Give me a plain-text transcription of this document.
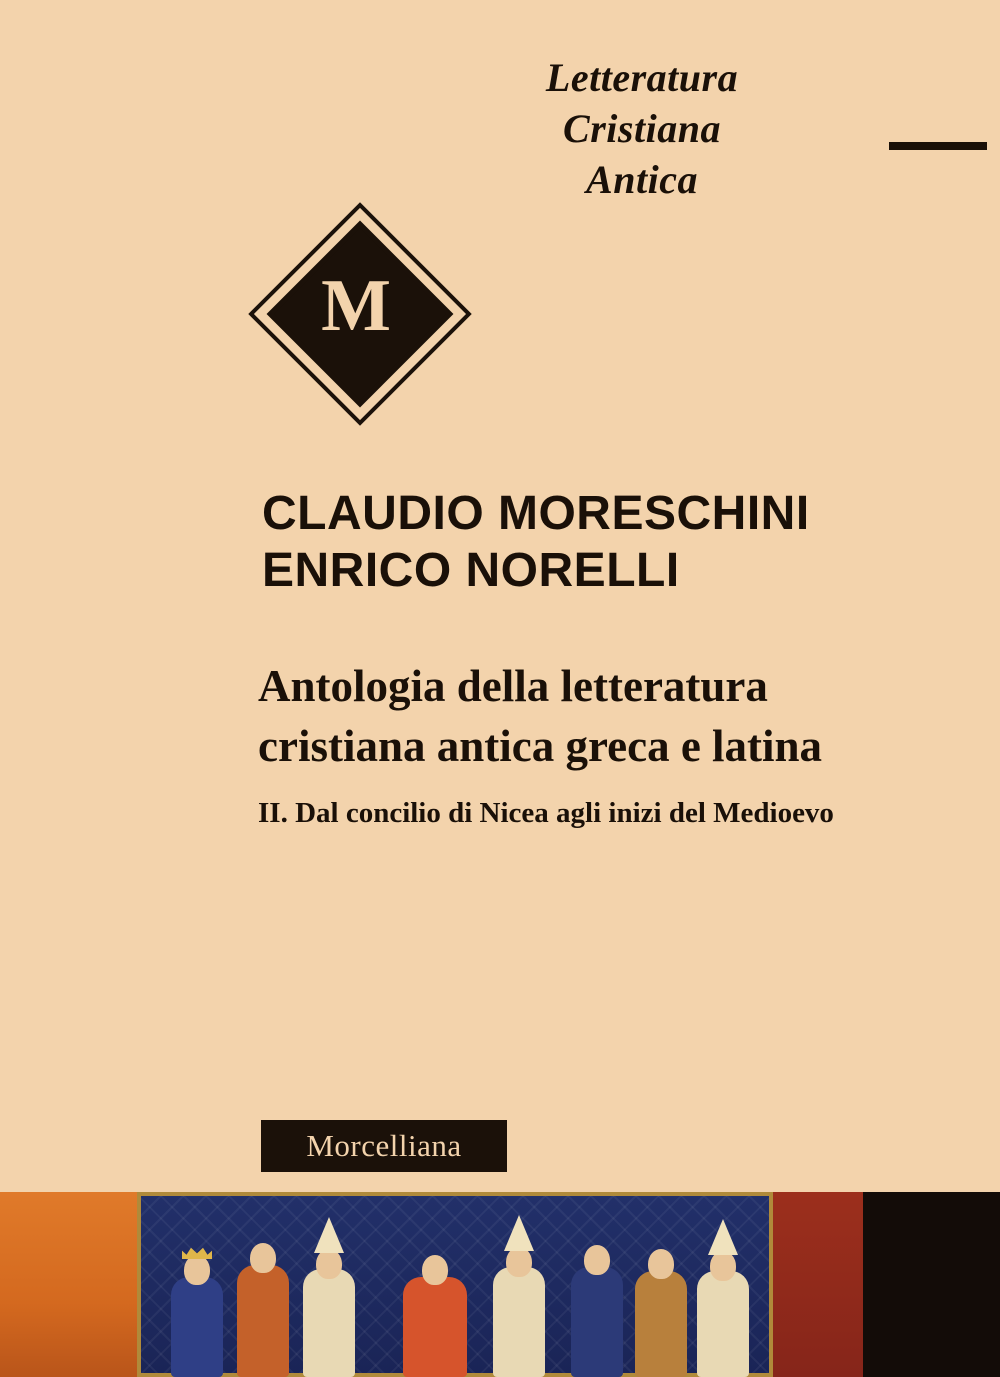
Letteratura
Cristiana
Antica
M
CLAUDIO MORESCHINI
ENRICO NORELLI
Antologia della letteratura
cristiana antica greca e latina
II. Dal concilio di Nicea agli inizi del Medioevo
Morcelliana
